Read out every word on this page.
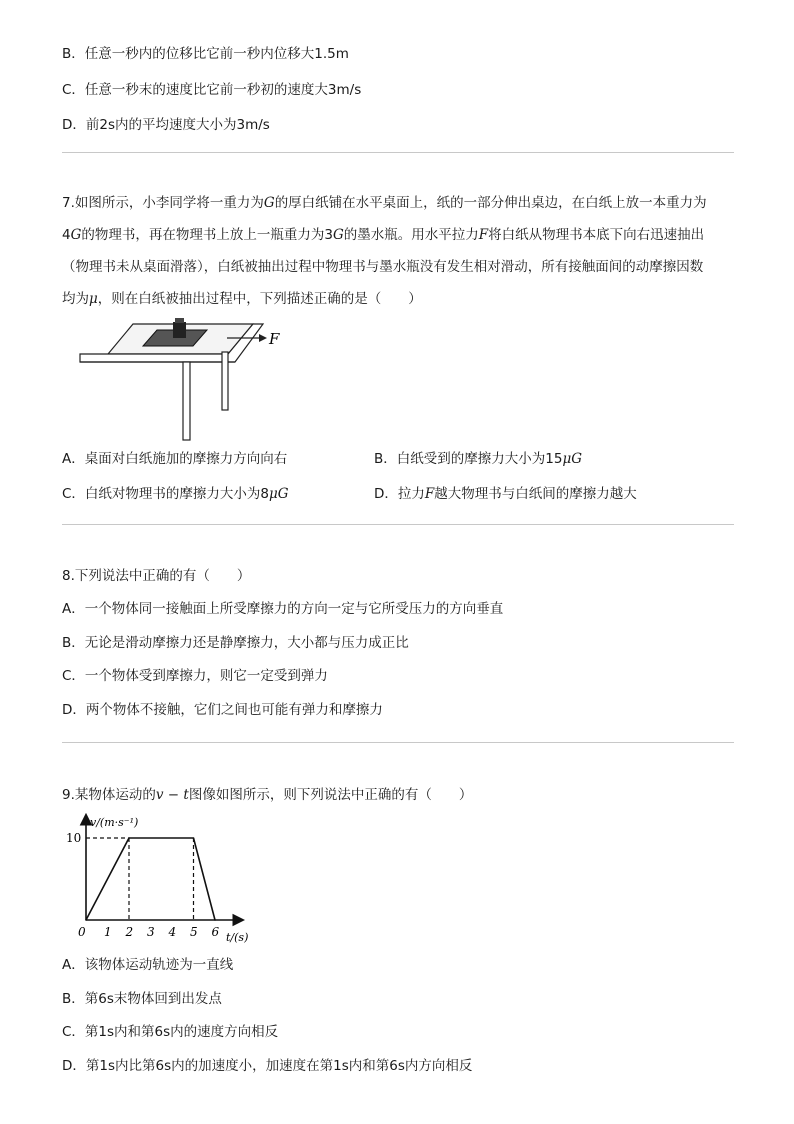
B．任意一秒内的位移比它前一秒内位移大1.5m
C．任意一秒末的速度比它前一秒初的速度大3m/s
D．前2s内的平均速度大小为3m/s
7.如图所示，小李同学将一重力为G的厚白纸铺在水平桌面上，纸的一部分伸出桌边，在白纸上放一本重力为
4G的物理书，再在物理书上放上一瓶重力为3G的墨水瓶。用水平拉力F将白纸从物理书本底下向右迅速抽出
（物理书未从桌面滑落），白纸被抽出过程中物理书与墨水瓶没有发生相对滑动，所有接触面间的动摩擦因数
均为μ，则在白纸被抽出过程中，下列描述正确的是（　　）
F
A．桌面对白纸施加的摩擦力方向向右	B．白纸受到的摩擦力大小为15μG
C．白纸对物理书的摩擦力大小为8μG	D．拉力F越大物理书与白纸间的摩擦力越大
8.下列说法中正确的有（　　）
A．一个物体同一接触面上所受摩擦力的方向一定与它所受压力的方向垂直
B．无论是滑动摩擦力还是静摩擦力，大小都与压力成正比
C．一个物体受到摩擦力，则它一定受到弹力
D．两个物体不接触，它们之间也可能有弹力和摩擦力
9.某物体运动的v − t图像如图所示，则下列说法中正确的有（　　）
0 1 2 3 4 5 6
10
v/(m·s⁻¹)
t/(s)
A．该物体运动轨迹为一直线
B．第6s末物体回到出发点
C．第1s内和第6s内的速度方向相反
D．第1s内比第6s内的加速度小，加速度在第1s内和第6s内方向相反
